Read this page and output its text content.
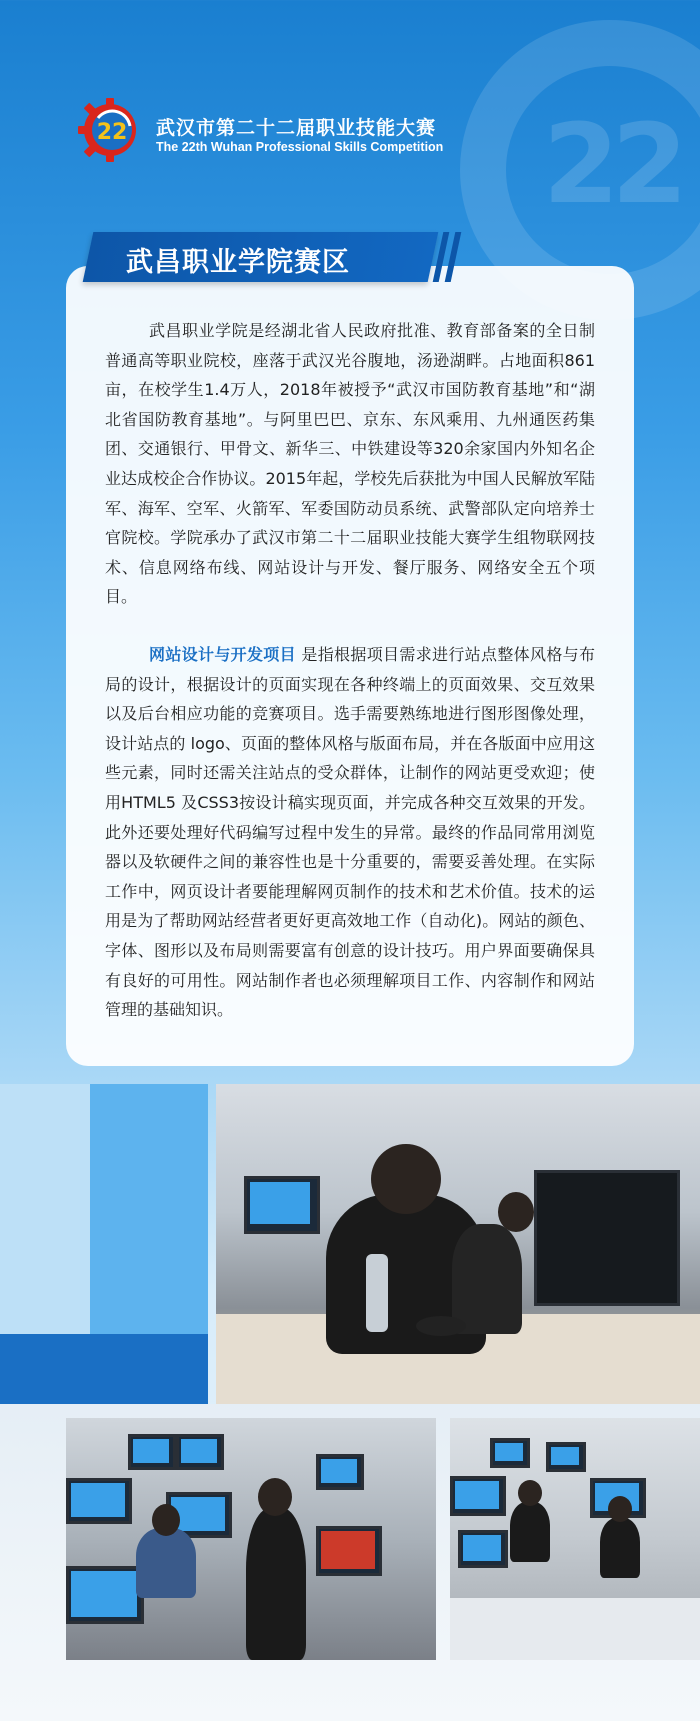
22
22 武汉市第二十二届职业技能大赛
The 22th Wuhan Professional Skills Competition
武昌职业学院赛区

武昌职业学院是经湖北省人民政府批准、教育部备案的全日制普通高等职业院校，座落于武汉光谷腹地，汤逊湖畔。占地面积861亩，在校学生1.4万人，2018年被授予“武汉市国防教育基地”和“湖北省国防教育基地”。与阿里巴巴、京东、东风乘用、九州通医药集团、交通银行、甲骨文、新华三、中铁建设等320余家国内外知名企业达成校企合作协议。2015年起，学校先后获批为中国人民解放军陆军、海军、空军、火箭军、军委国防动员系统、武警部队定向培养士官院校。学院承办了武汉市第二十二届职业技能大赛学生组物联网技术、信息网络布线、网站设计与开发、餐厅服务、网络安全五个项目。

网站设计与开发项目 是指根据项目需求进行站点整体风格与布局的设计，根据设计的页面实现在各种终端上的页面效果、交互效果以及后台相应功能的竞赛项目。选手需要熟练地进行图形图像处理，设计站点的 logo、页面的整体风格与版面布局，并在各版面中应用这些元素，同时还需关注站点的受众群体，让制作的网站更受欢迎；使用HTML5 及CSS3按设计稿实现页面，并完成各种交互效果的开发。此外还要处理好代码编写过程中发生的异常。最终的作品同常用浏览器以及软硬件之间的兼容性也是十分重要的，需要妥善处理。在实际工作中，网页设计者要能理解网页制作的技术和艺术价值。技术的运用是为了帮助网站经营者更好更高效地工作（自动化)。网站的颜色、字体、图形以及布局则需要富有创意的设计技巧。用户界面要确保具有良好的可用性。网站制作者也必须理解项目工作、内容制作和网站管理的基础知识。
